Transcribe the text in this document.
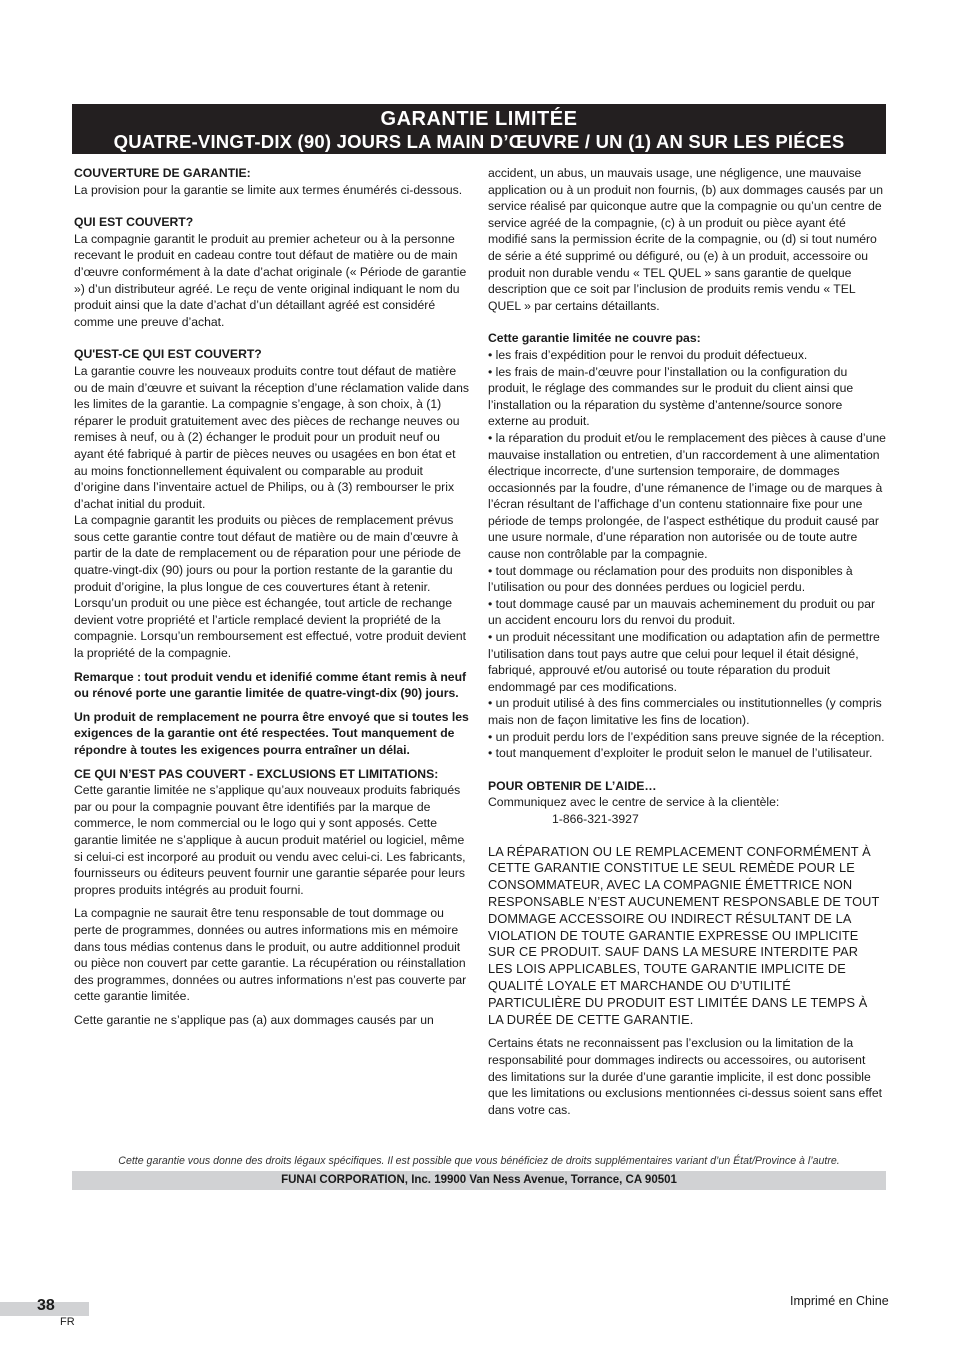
GARANTIE LIMITÉE
QUATRE-VINGT-DIX (90) JOURS LA MAIN D’ŒUVRE / UN (1) AN SUR LES PIÉCES
COUVERTURE DE GARANTIE:

La provision pour la garantie se limite aux termes énumérés ci-dessous.

QUI EST COUVERT?

La compagnie garantit le produit au premier acheteur ou à la personne recevant le produit en cadeau contre tout défaut de matière ou de main d’œuvre conformément à la date d’achat originale (« Période de garantie ») d’un distributeur agréé. Le reçu de vente original indiquant le nom du produit ainsi que la date d’achat d’un détaillant agréé est considéré comme une preuve d’achat.

QU'EST-CE QUI EST COUVERT?

La garantie couvre les nouveaux produits contre tout défaut de matière ou de main d’œuvre et suivant la réception d’une réclamation valide dans les limites de la garantie. La compagnie s’engage, à son choix, à (1) réparer le produit gratuitement avec des pièces de rechange neuves ou remises à neuf, ou à (2) échanger le produit pour un produit neuf ou ayant été fabriqué à partir de pièces neuves ou usagées en bon état et au moins fonctionnellement équivalent ou comparable au produit d’origine dans l’inventaire actuel de Philips, ou à (3) rembourser le prix d’achat initial du produit.

La compagnie garantit les produits ou pièces de remplacement prévus sous cette garantie contre tout défaut de matière ou de main d’œuvre à partir de la date de remplacement ou de réparation pour une période de quatre-vingt-dix (90) jours ou pour la portion restante de la garantie du produit d’origine, la plus longue de ces couvertures étant à retenir. Lorsqu’un produit ou une pièce est échangée, tout article de rechange devient votre propriété et l’article remplacé devient la propriété de la compagnie. Lorsqu’un remboursement est effectué, votre produit devient la propriété de la compagnie.

Remarque : tout produit vendu et idenifié comme étant remis à neuf ou rénové porte une garantie limitée de quatre-vingt-dix (90) jours.

Un produit de remplacement ne pourra être envoyé que si toutes les exigences de la garantie ont été respectées. Tout manquement de répondre à toutes les exigences pourra entraîner un délai.

CE QUI N’EST PAS COUVERT - EXCLUSIONS ET LIMITATIONS:

Cette garantie limitée ne s’applique qu’aux nouveaux produits fabriqués par ou pour la compagnie pouvant être identifiés par la marque de commerce, le nom commercial ou le logo qui y sont apposés. Cette garantie limitée ne s’applique à aucun produit matériel ou logiciel, même si celui-ci est incorporé au produit ou vendu avec celui-ci. Les fabricants, fournisseurs ou éditeurs peuvent fournir une garantie séparée pour leurs propres produits intégrés au produit fourni.

La compagnie ne saurait être tenu responsable de tout dommage ou perte de programmes, données ou autres informations mis en mémoire dans tous médias contenus dans le produit, ou autre additionnel produit ou pièce non couvert par cette garantie. La récupération ou réinstallation des programmes, données ou autres informations n’est pas couverte par cette garantie limitée.

Cette garantie ne s’applique pas (a) aux dommages causés par un

accident, un abus, un mauvais usage, une négligence, une mauvaise application ou à un produit non fournis, (b) aux dommages causés par un service réalisé par quiconque autre que la compagnie ou qu’un centre de service agréé de la compagnie, (c) à un produit ou pièce ayant été modifié sans la permission écrite de la compagnie, ou (d) si tout numéro de série a été supprimé ou défiguré, ou (e) à un produit, accessoire ou produit non durable vendu « TEL QUEL » sans garantie de quelque description que ce soit par l’inclusion de produits remis vendu « TEL QUEL » par certains détaillants.

Cette garantie limitée ne couvre pas:

• les frais d’expédition pour le renvoi du produit défectueux.

• les frais de main-d’œuvre pour l’installation ou la configuration du produit, le réglage des commandes sur le produit du client ainsi que l’installation ou la réparation du système d’antenne/source sonore externe au produit.

• la réparation du produit et/ou le remplacement des pièces à cause d’une mauvaise installation ou entretien, d’un raccordement à une alimentation électrique incorrecte, d’une surtension temporaire, de dommages occasionnés par la foudre, d’une rémanence de l’image ou de marques à l’écran résultant de l’affichage d’un contenu stationnaire fixe pour une période de temps prolongée, de l’aspect esthétique du produit causé par une usure normale, d’une réparation non autorisée ou de toute autre cause non contrôlable par la compagnie.

• tout dommage ou réclamation pour des produits non disponibles à l’utilisation ou pour des données perdues ou logiciel perdu.

• tout dommage causé par un mauvais acheminement du produit ou par un accident encouru lors du renvoi du produit.

• un produit nécessitant une modification ou adaptation afin de permettre l’utilisation dans tout pays autre que celui pour lequel il était désigné, fabriqué, approuvé et/ou autorisé ou toute réparation du produit endommagé par ces modifications.

• un produit utilisé à des fins commerciales ou institutionnelles (y compris mais non de façon limitative les fins de location).

• un produit perdu lors de l’expédition sans preuve signée de la réception.

• tout manquement d’exploiter le produit selon le manuel de l’utilisateur.

POUR OBTENIR DE L’AIDE…

Communiquez avec le centre de service à la clientèle:

1-866-321-3927

LA RÉPARATION OU LE REMPLACEMENT CONFORMÉMENT À CETTE GARANTIE CONSTITUE LE SEUL REMÈDE POUR LE CONSOMMATEUR, AVEC LA COMPAGNIE ÉMETTRICE NON RESPONSABLE N’EST AUCUNEMENT RESPONSABLE DE TOUT DOMMAGE ACCESSOIRE OU INDIRECT RÉSULTANT DE LA VIOLATION DE TOUTE GARANTIE EXPRESSE OU IMPLICITE SUR CE PRODUIT. SAUF DANS LA MESURE INTERDITE PAR LES LOIS APPLICABLES, TOUTE GARANTIE IMPLICITE DE QUALITÉ LOYALE ET MARCHANDE OU D’UTILITÉ PARTICULIÈRE DU PRODUIT EST LIMITÉE DANS LE TEMPS À LA DURÉE DE CETTE GARANTIE.

Certains états ne reconnaissent pas l’exclusion ou la limitation de la responsabilité pour dommages indirects ou accessoires, ou autorisent des limitations sur la durée d’une garantie implicite, il est donc possible que les limitations ou exclusions mentionnées ci-dessus soient sans effet dans votre cas.

Cette garantie vous donne des droits légaux spécifiques. Il est possible que vous bénéficiez de droits supplémentaires variant d’un État/Province à l’autre.
FUNAI CORPORATION, Inc. 19900 Van Ness Avenue, Torrance, CA 90501
38
FR
Imprimé en Chine
